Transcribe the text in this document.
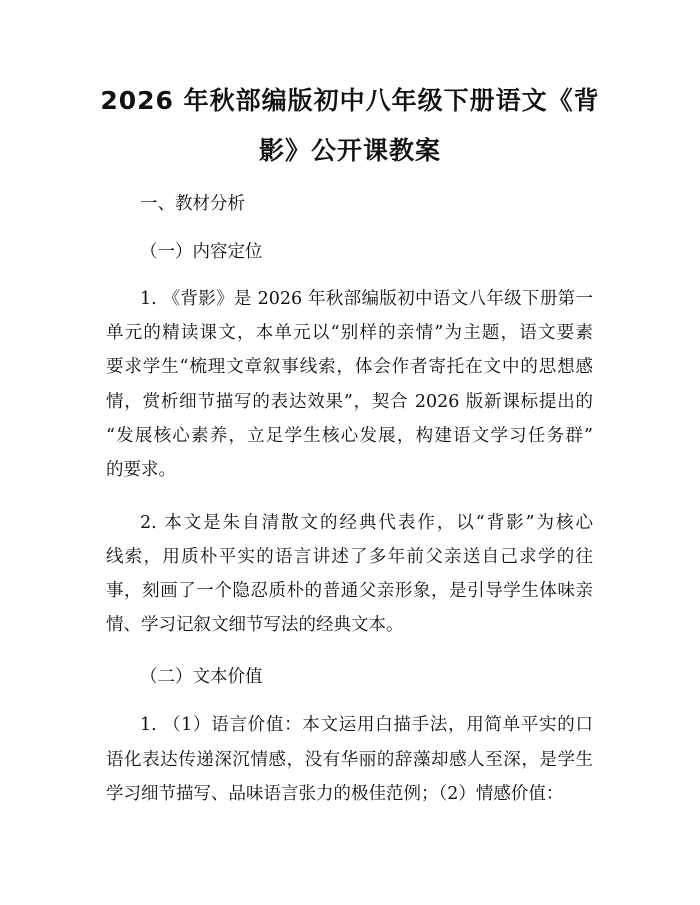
2026 年秋部编版初中八年级下册语文《背
影》公开课教案
一、教材分析
（一）内容定位
1. 《背影》是 2026 年秋部编版初中语文八年级下册第一
单元的精读课文，本单元以“别样的亲情”为主题，语文要素
要求学生“梳理文章叙事线索，体会作者寄托在文中的思想感
情，赏析细节描写的表达效果”，契合 2026 版新课标提出的
“发展核心素养，立足学生核心发展，构建语文学习任务群”
的要求。
2. 本文是朱自清散文的经典代表作，以“背影”为核心
线索，用质朴平实的语言讲述了多年前父亲送自己求学的往
事，刻画了一个隐忍质朴的普通父亲形象，是引导学生体味亲
情、学习记叙文细节写法的经典文本。
（二）文本价值
1. （1）语言价值：本文运用白描手法，用简单平实的口
语化表达传递深沉情感，没有华丽的辞藻却感人至深，是学生
学习细节描写、品味语言张力的极佳范例；（2）情感价值：
